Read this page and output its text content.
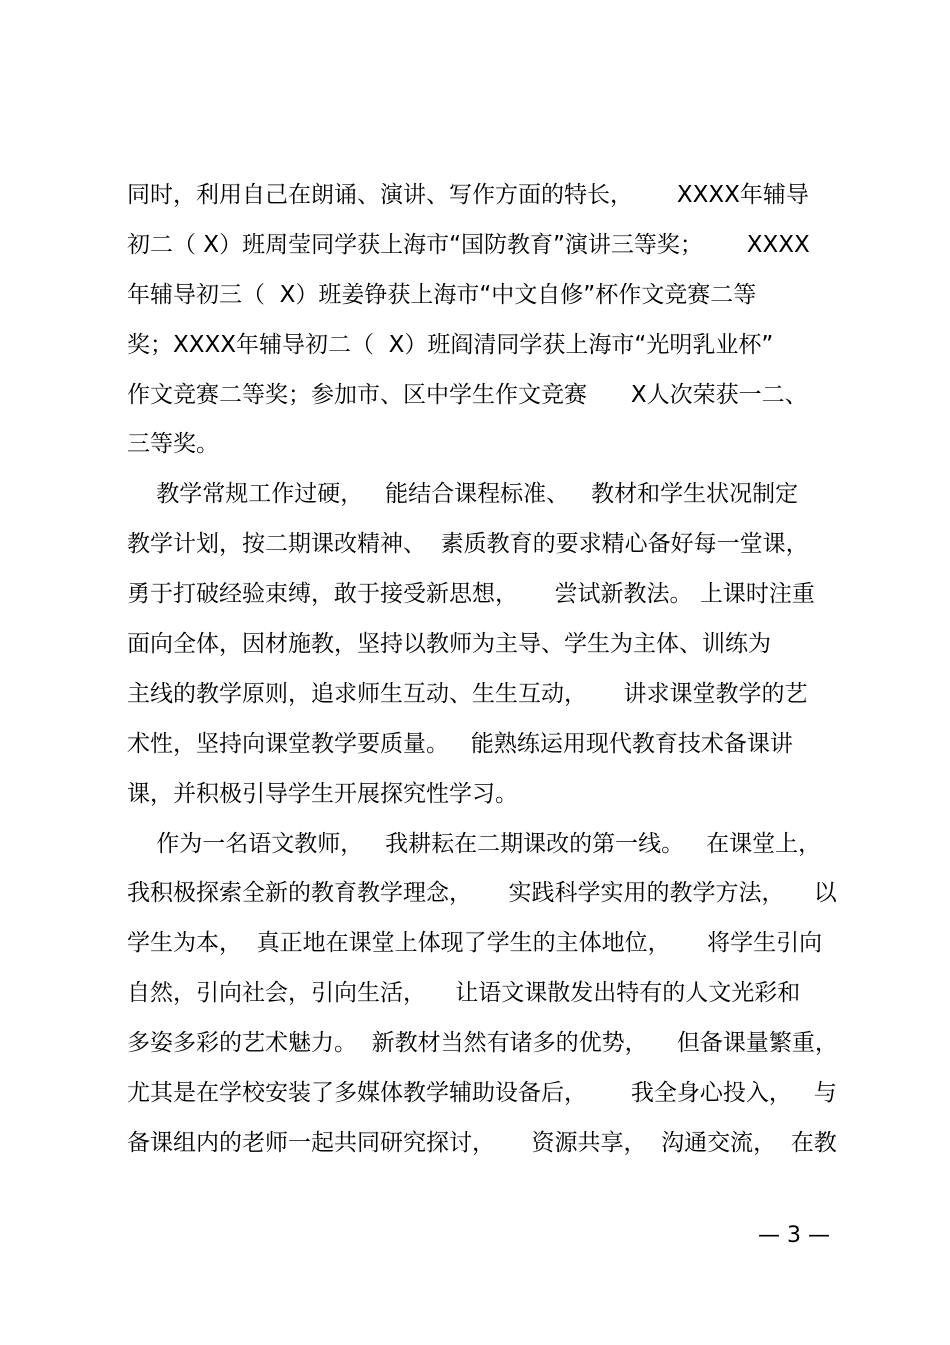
同时，利用自己在朗诵、演讲、写作方面的特长，      XXXX年辅导
初二（ X）班周莹同学获上海市“国防教育”演讲三等奖；      XXXX
年辅导初三（  X）班姜铮获上海市“中文自修”杯作文竞赛二等
奖；XXXX年辅导初二（  X）班阎清同学获上海市“光明乳业杯”
作文竞赛二等奖；参加市、区中学生作文竞赛      X人次荣获一二、
三等奖。
教学常规工作过硬，   能结合课程标准、   教材和学生状况制定
教学计划，按二期课改精神、  素质教育的要求精心备好每一堂课，
勇于打破经验束缚，敢于接受新思想，     尝试新教法。 上课时注重
面向全体，因材施教，坚持以教师为主导、学生为主体、训练为
主线的教学原则，追求师生互动、生生互动，     讲求课堂教学的艺
术性，坚持向课堂教学要质量。   能熟练运用现代教育技术备课讲
课，并积极引导学生开展探究性学习。
作为一名语文教师，   我耕耘在二期课改的第一线。   在课堂上，
我积极探索全新的教育教学理念，     实践科学实用的教学方法，    以
学生为本，  真正地在课堂上体现了学生的主体地位，     将学生引向
自然，引向社会，引向生活，    让语文课散发出特有的人文光彩和
多姿多彩的艺术魅力。  新教材当然有诸多的优势，    但备课量繁重，
尤其是在学校安装了多媒体教学辅助设备后，      我全身心投入，   与
备课组内的老师一起共同研究探讨，     资源共享，  沟通交流，  在教
— 3 —
